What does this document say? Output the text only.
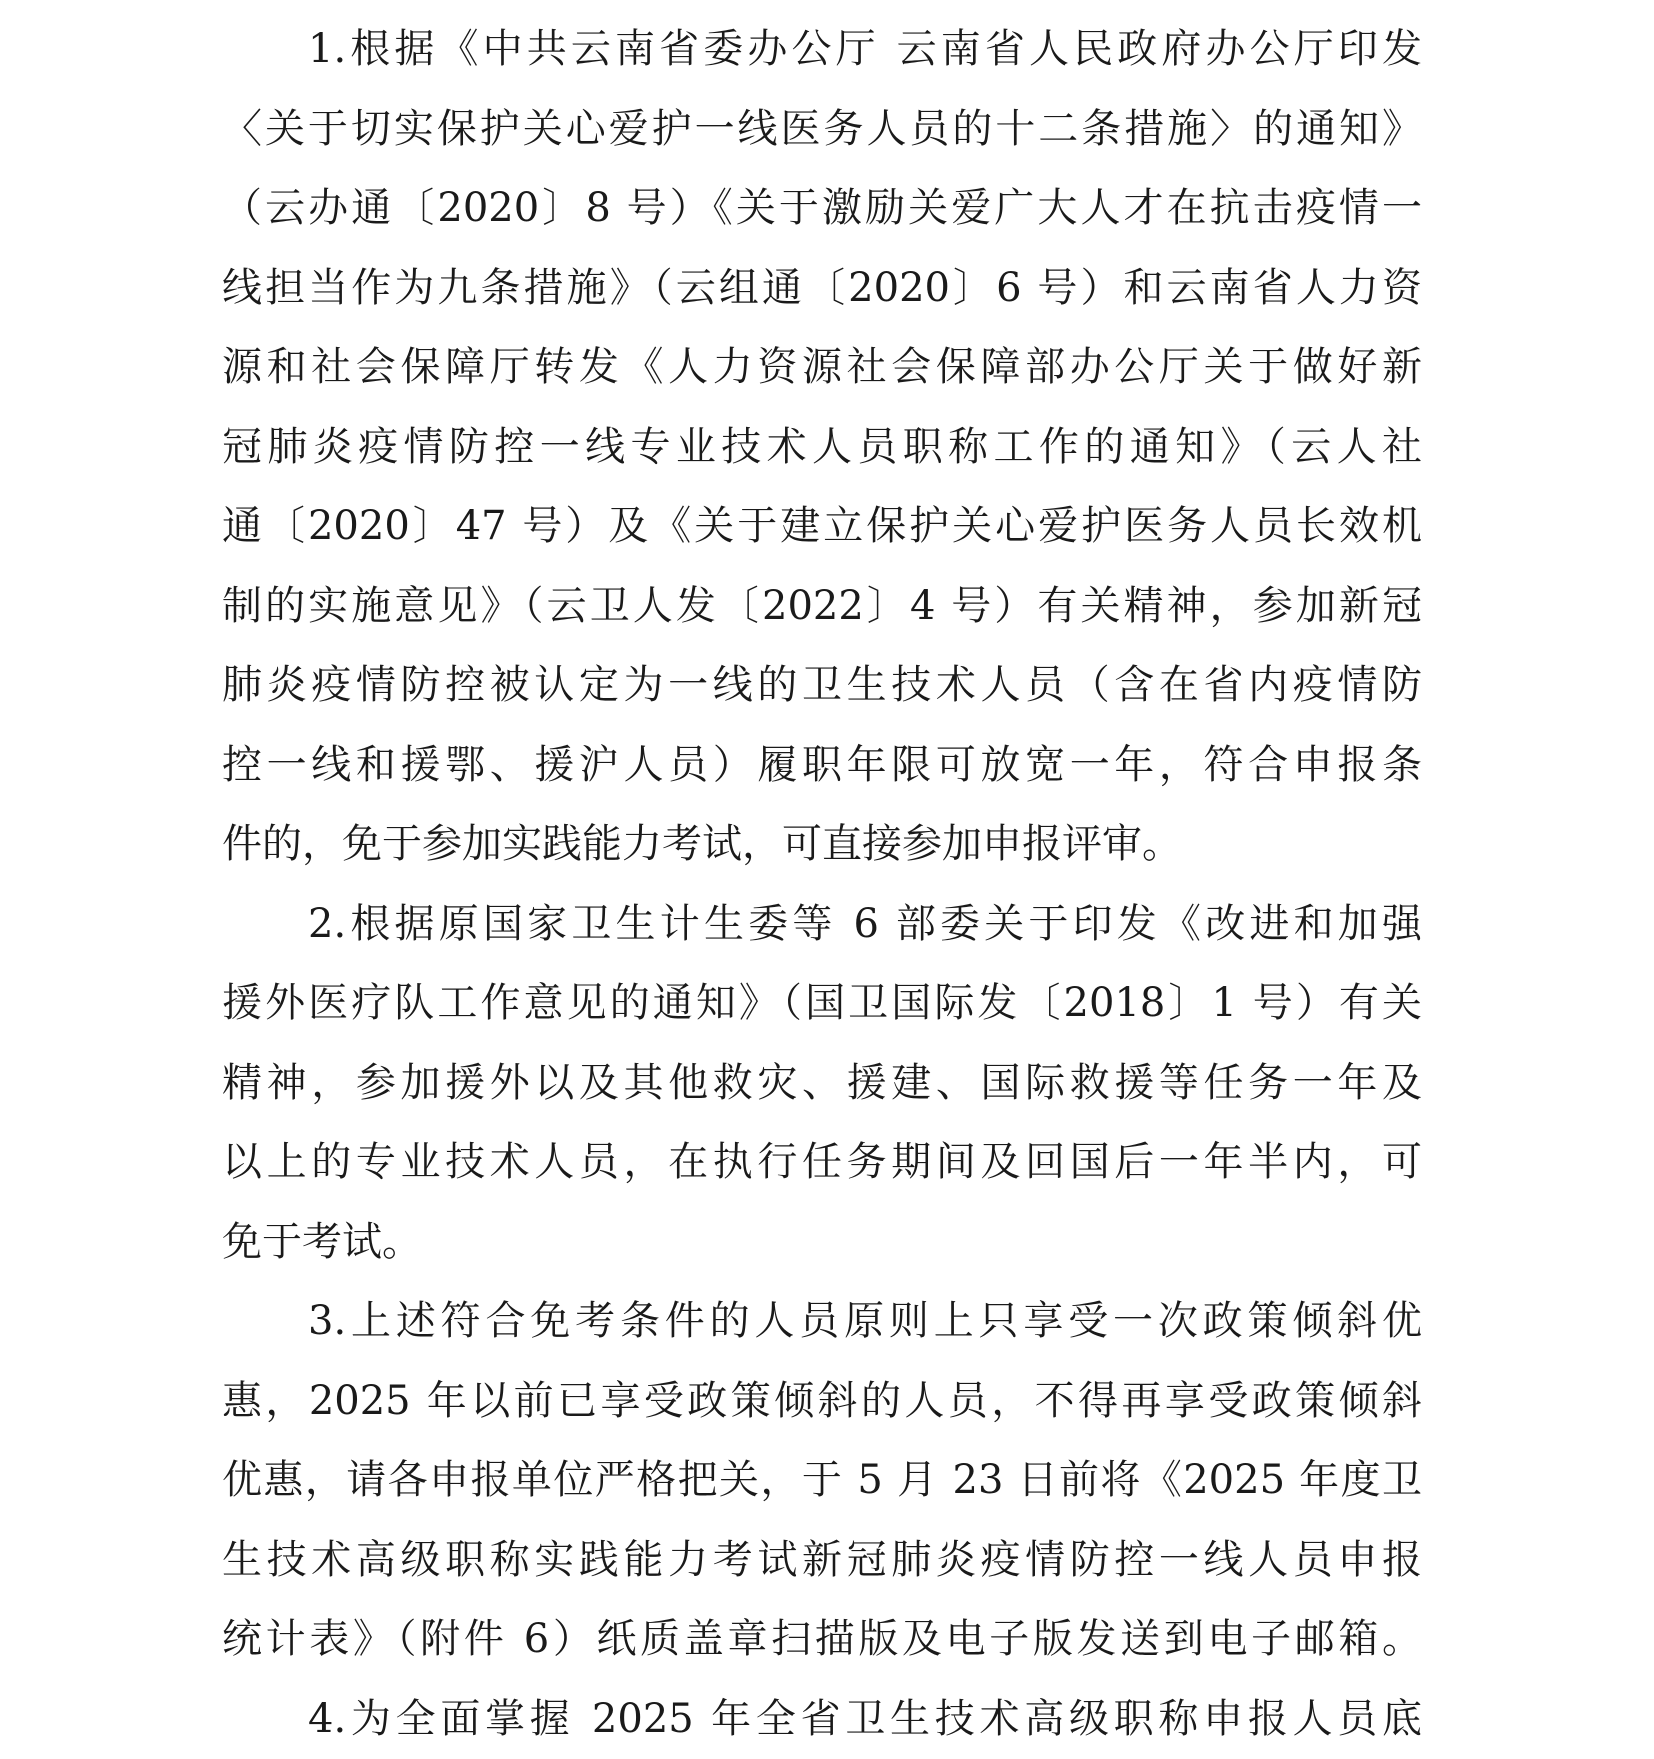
1.根据《中共云南省委办公厅 云南省人民政府办公厅印发
〈关于切实保护关心爱护一线医务人员的十二条措施〉的通知》
（云办通〔2020〕8 号）《关于激励关爱广大人才在抗击疫情一
线担当作为九条措施》（云组通〔2020〕6 号）和云南省人力资
源和社会保障厅转发《人力资源社会保障部办公厅关于做好新
冠肺炎疫情防控一线专业技术人员职称工作的通知》（云人社
通〔2020〕47 号）及《关于建立保护关心爱护医务人员长效机
制的实施意见》（云卫人发〔2022〕4 号）有关精神，参加新冠
肺炎疫情防控被认定为一线的卫生技术人员（含在省内疫情防
控一线和援鄂、援沪人员）履职年限可放宽一年，符合申报条
件的，免于参加实践能力考试，可直接参加申报评审。
2.根据原国家卫生计生委等 6 部委关于印发《改进和加强
援外医疗队工作意见的通知》（国卫国际发〔2018〕1 号）有关
精神，参加援外以及其他救灾、援建、国际救援等任务一年及
以上的专业技术人员，在执行任务期间及回国后一年半内，可
免于考试。
3.上述符合免考条件的人员原则上只享受一次政策倾斜优
惠，2025 年以前已享受政策倾斜的人员，不得再享受政策倾斜
优惠，请各申报单位严格把关，于 5 月 23 日前将《2025 年度卫
生技术高级职称实践能力考试新冠肺炎疫情防控一线人员申报
统计表》（附件 6）纸质盖章扫描版及电子版发送到电子邮箱。
4.为全面掌握 2025 年全省卫生技术高级职称申报人员底
